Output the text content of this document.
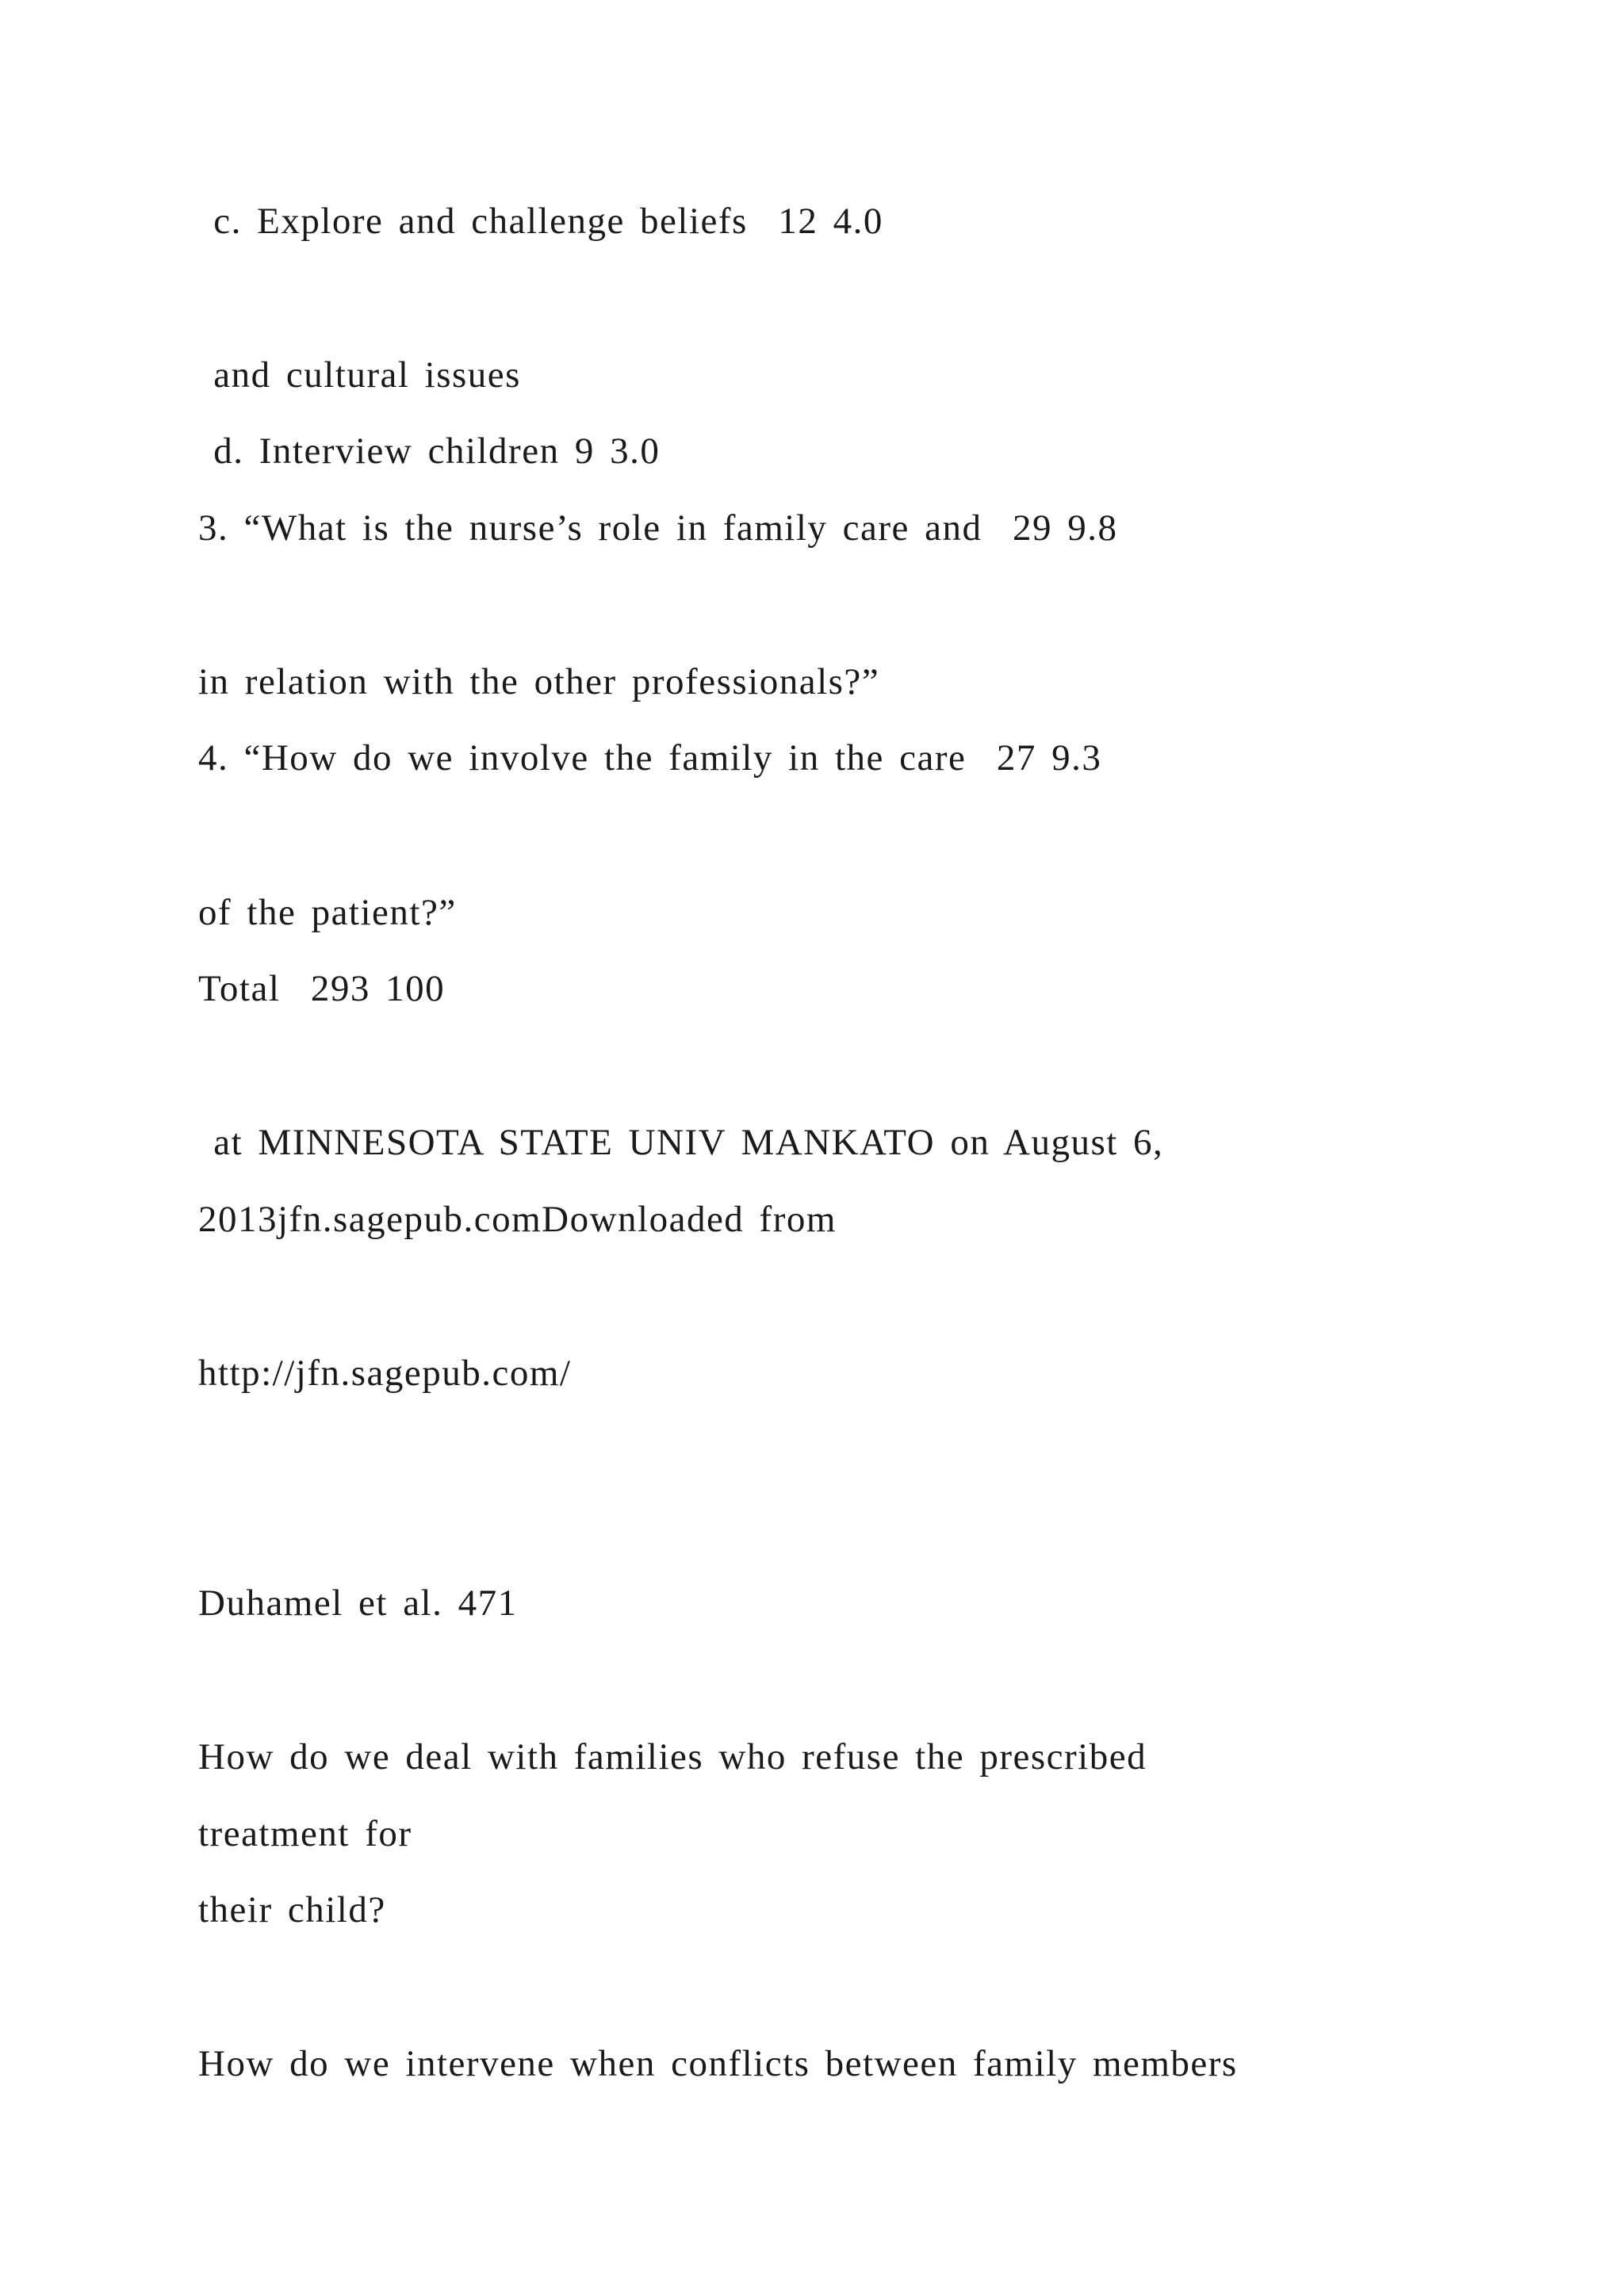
c. Explore and challenge beliefs  12 4.0
and cultural issues
d. Interview children 9 3.0
3. “What is the nurse’s role in family care and  29 9.8
in relation with the other professionals?”
4. “How do we involve the family in the care  27 9.3
of the patient?”
Total  293 100
at MINNESOTA STATE UNIV MANKATO on August 6,
2013jfn.sagepub.comDownloaded from
http://jfn.sagepub.com/
Duhamel et al. 471
How do we deal with families who refuse the prescribed
treatment for
their child?
How do we intervene when conflicts between family members
